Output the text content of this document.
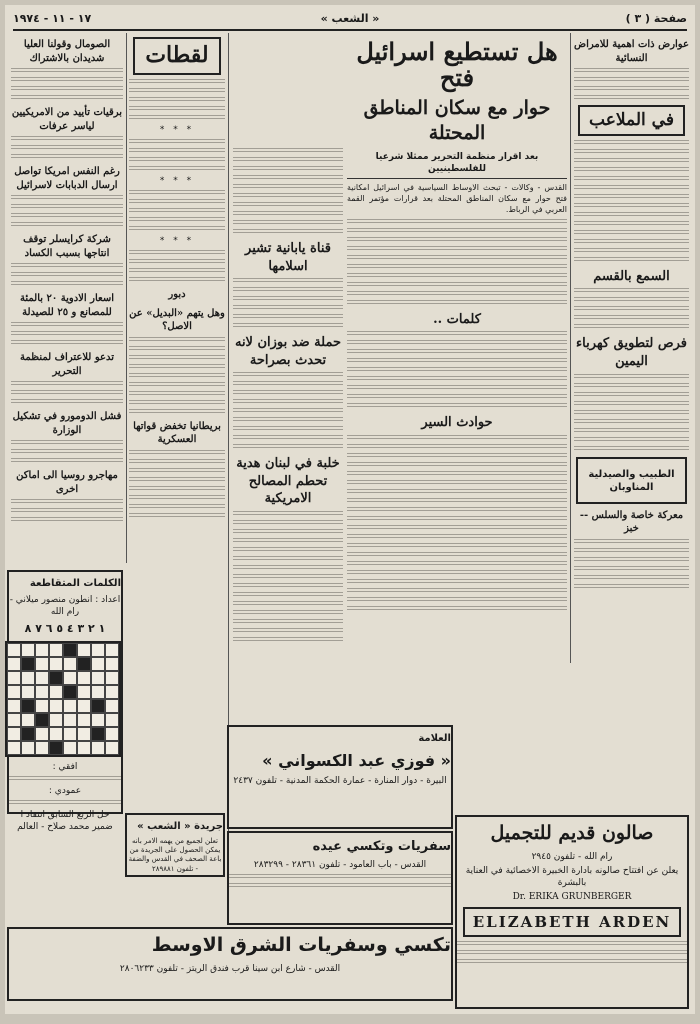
صفحة ( ٣ )
« الشعب »
١٧ - ١١ - ١٩٧٤
عوارض ذات اهمية للامراض النسائية
في الملاعب
السمع بالقسم
فرص لتطويق كهرباء اليمين
الطبيب والصيدلية المناوبان
معركة خاصة والسلس -- خبز
هل تستطيع اسرائيل فتح
حوار مع سكان المناطق المحتلة
بعد اقرار منظمة التحرير ممثلا شرعيا للفلسطينيين

القدس - وكالات - تبحث الاوساط السياسية في اسرائيل امكانية فتح حوار مع سكان المناطق المحتلة بعد قرارات مؤتمر القمة العربي في الرباط.

كلمات ..
حوادث السير
قناة يابانية تشير اسلامها
حملة ضد بوزان لانه تحدث بصراحة
خلبة في لبنان هدية تحطم المصالح الامريكية
لقطات
* * *
* * *
* * *
دبور
وهل يتهم «البديل» عن الاصل؟
بريطانيا تخفض قواتها العسكرية
الصومال وقولنا العليا شديدان بالاشتراك
برقيات تأييد من الامريكيين لياسر عرفات
رغم النفس امريكا تواصل ارسال الدبابات لاسرائيل
شركة كرايسلر توقف انتاجها بسبب الكساد
اسعار الادوية ٢٠ بالمئة للمصانع و ٢٥ للصيدلة
تدعو للاعتراف لمنظمة التحرير
فشل الدومورو في تشكيل الوزارة
مهاجرو روسيا الى اماكن اخرى
الكلمات المتقاطعة
اعداد : انطون منصور ميلاني - رام الله
١ ٢ ٣ ٤ ٥ ٦ ٧ ٨
افقي :
عمودي :
حل الربع السابق انتقاد ا ضمير محمد صلاح - العالم	صالون قديم للتجميل
رام الله - تلفون ٢٩٤٥
يعلن عن افتتاح صالونه بادارة الخبيرة الاخصائية في العناية بالبشرة
Dr. ERIKA GRUNBERGER
ELIZABETH ARDEN
العلامة
« فوزي عبد الكسواني »
البيرة - دوار المنارة - عمارة الحكمة المدنية - تلفون ٢٤٣٧
سفريات وتكسي عيده
القدس - باب العامود - تلفون ٢٨٣٦١ - ٢٨٣٢٩٩
جريدة « الشعب »
تعلن لجميع من يهمه الامر بانه يمكن الحصول على الجريدة من باعة الصحف في القدس والضفة - تلفون ٢٨٩٨٨١
تكسي وسفريات الشرق الاوسط
القدس - شارع ابن سينا قرب فندق الريتز - تلفون ٢٨٠٦٢٣٣
